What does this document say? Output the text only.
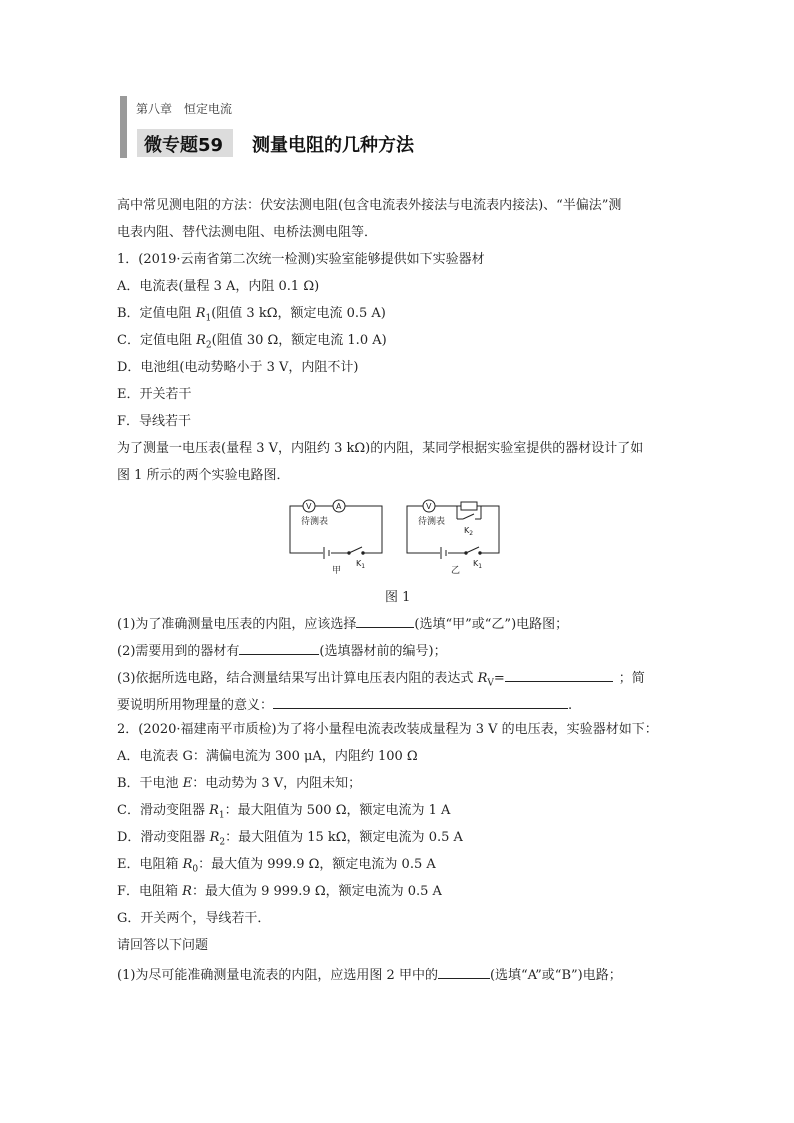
第八章 恒定电流
微专题59 测量电阻的几种方法
高中常见测电阻的方法：伏安法测电阻(包含电流表外接法与电流表内接法)、“半偏法”测
电表内阻、替代法测电阻、电桥法测电阻等．
1．(2019·云南省第二次统一检测)实验室能够提供如下实验器材
A．电流表(量程 3 A，内阻 0.1 Ω)
B．定值电阻 $R_1$(阻值 3 kΩ，额定电流 0.5 A)
C．定值电阻 $R_2$(阻值 30 Ω，额定电流 1.0 A)
D．电池组(电动势略小于 3 V，内阻不计)
E．开关若干
F．导线若干
为了测量一电压表(量程 3 V，内阻约 3 kΩ)的内阻，某同学根据实验室提供的器材设计了如
图 1 所示的两个实验电路图．
V	A
待测表
$K_1$
甲
V
待测表
$K_2$
$K_1$
乙
图 1
(1)为了准确测量电压表的内阻，应该选择	(选填“甲”或“乙”)电路图；
(2)需要用到的器材有	(选填器材前的编号)；
(3)依据所选电路，结合测量结果写出计算电压表内阻的表达式 $R_V=$	；简
要说明所用物理量的意义：	.
2．(2020·福建南平市质检)为了将小量程电流表改装成量程为 3 V 的电压表，实验器材如下：
A．电流表 G：满偏电流为 300 μA，内阻约 100 Ω
B．干电池 E：电动势为 3 V，内阻未知；
C．滑动变阻器 $R_1$：最大阻值为 500 Ω，额定电流为 1 A
D．滑动变阻器 $R_2$：最大阻值为 15 kΩ，额定电流为 0.5 A
E．电阻箱 $R_0$：最大值为 999.9 Ω，额定电流为 0.5 A
F．电阻箱 R：最大值为 9 999.9 Ω，额定电流为 0.5 A
G．开关两个，导线若干．
请回答以下问题
(1)为尽可能准确测量电流表的内阻，应选用图 2 甲中的	(选填“A”或“B”)电路；
